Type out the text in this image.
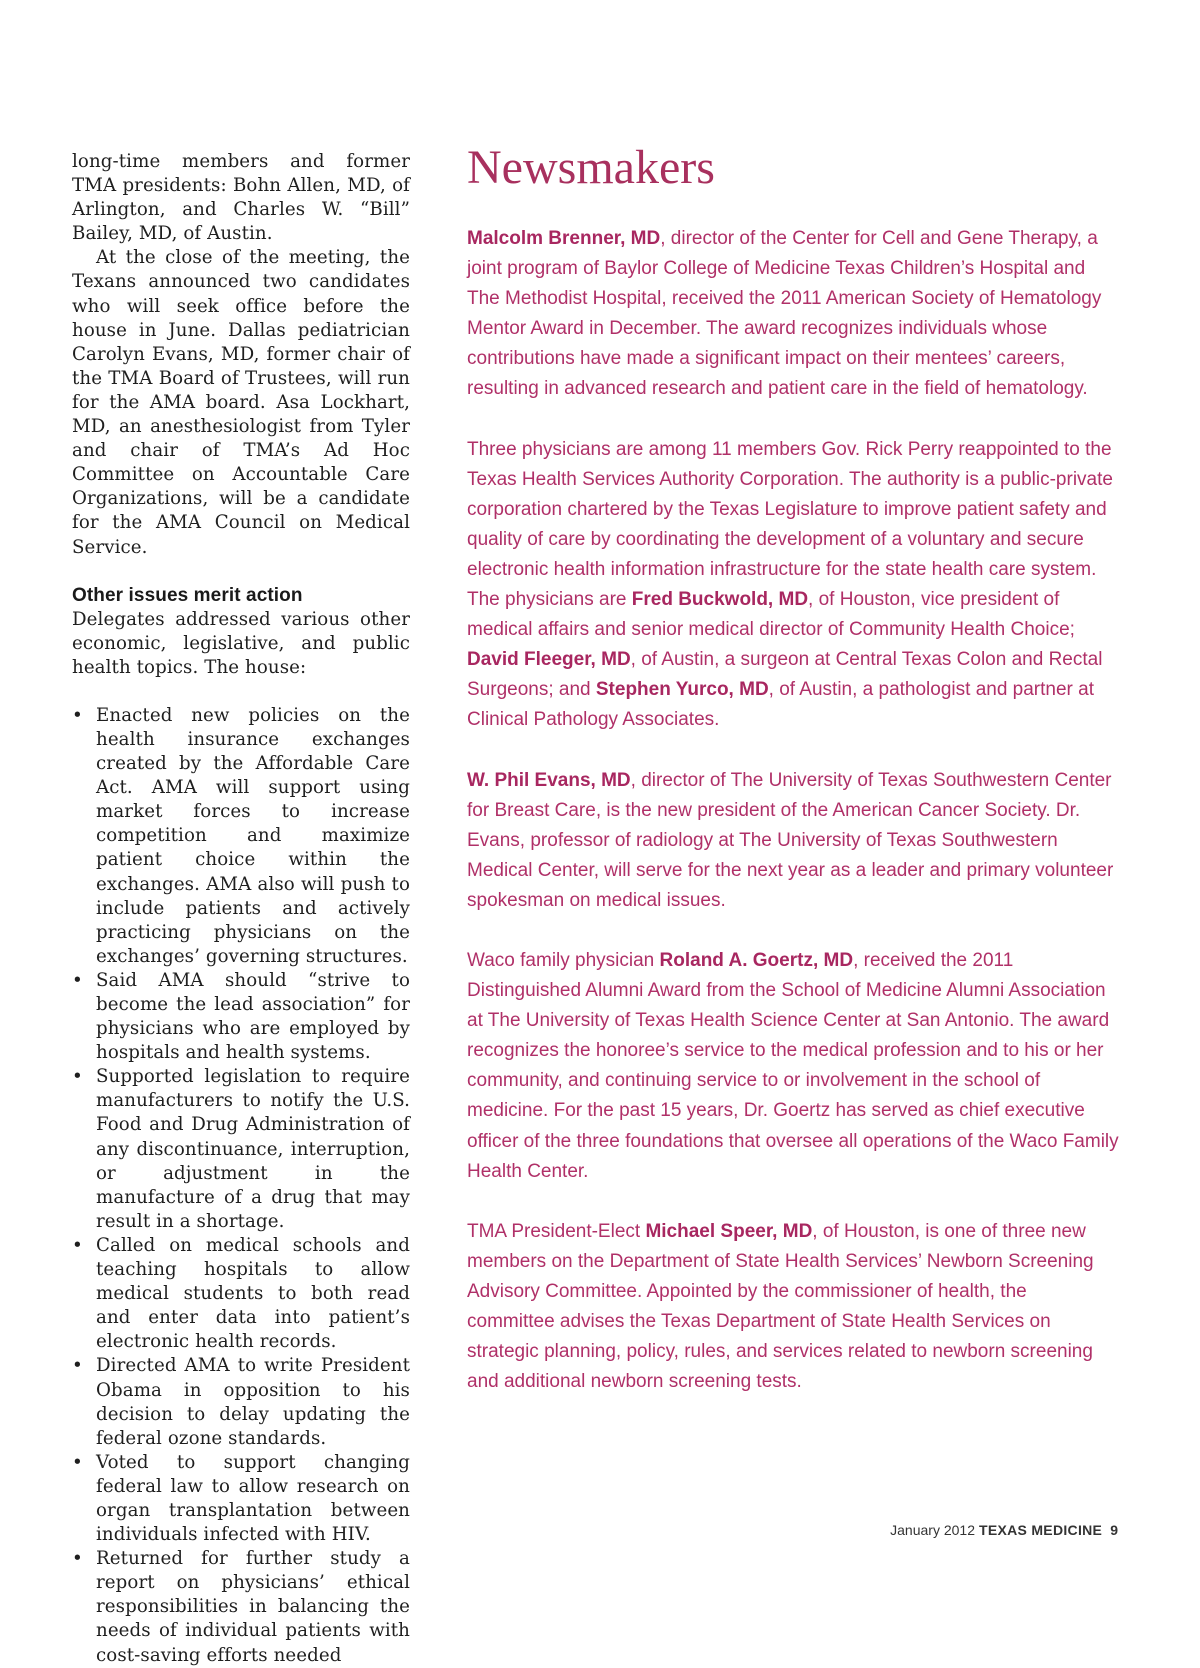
long-time members and former TMA presidents: Bohn Allen, MD, of Arlington, and Charles W. “Bill” Bailey, MD, of Austin.

At the close of the meeting, the Texans announced two candidates who will seek office before the house in June. Dallas pediatrician Carolyn Evans, MD, former chair of the TMA Board of Trustees, will run for the AMA board. Asa Lockhart, MD, an anesthesiologist from Tyler and chair of TMA’s Ad Hoc Committee on Accountable Care Organizations, will be a candidate for the AMA Council on Medical Service.

Other issues merit action

Delegates addressed various other economic, legislative, and public health topics. The house:

• Enacted new policies on the health insurance exchanges created by the Affordable Care Act. AMA will support using market forces to increase competition and maximize patient choice within the exchanges. AMA also will push to include patients and actively practicing physicians on the exchanges’ governing structures.
• Said AMA should “strive to become the lead association” for physicians who are employed by hospitals and health systems.
• Supported legislation to require manufacturers to notify the U.S. Food and Drug Administration of any discontinuance, interruption, or adjustment in the manufacture of a drug that may result in a shortage.
• Called on medical schools and teaching hospitals to allow medical students to both read and enter data into patient’s electronic health records.
• Directed AMA to write President Obama in opposition to his decision to delay updating the federal ozone standards.
• Voted to support changing federal law to allow research on organ transplantation between individuals infected with HIV.
• Returned for further study a report on physicians’ ethical responsibilities in balancing the needs of individual patients with cost-saving efforts needed
Newsmakers

Malcolm Brenner, MD, director of the Center for Cell and Gene Therapy, a joint program of Baylor College of Medicine Texas Children’s Hospital and The Methodist Hospital, received the 2011 American Society of Hematology Mentor Award in December. The award recognizes individuals whose contributions have made a significant impact on their mentees’ careers, resulting in advanced research and patient care in the field of hematology.

Three physicians are among 11 members Gov. Rick Perry reappointed to the Texas Health Services Authority Corporation. The authority is a public-private corporation chartered by the Texas Legislature to improve patient safety and quality of care by coordinating the development of a voluntary and secure electronic health information infrastructure for the state health care system. The physicians are Fred Buckwold, MD, of Houston, vice president of medical affairs and senior medical director of Community Health Choice; David Fleeger, MD, of Austin, a surgeon at Central Texas Colon and Rectal Surgeons; and Stephen Yurco, MD, of Austin, a pathologist and partner at Clinical Pathology Associates.

W. Phil Evans, MD, director of The University of Texas Southwestern Center for Breast Care, is the new president of the American Cancer Society. Dr. Evans, professor of radiology at The University of Texas Southwestern Medical Center, will serve for the next year as a leader and primary volunteer spokesman on medical issues.

Waco family physician Roland A. Goertz, MD, received the 2011 Distinguished Alumni Award from the School of Medicine Alumni Association at The University of Texas Health Science Center at San Antonio. The award recognizes the honoree’s service to the medical profession and to his or her community, and continuing service to or involvement in the school of medicine. For the past 15 years, Dr. Goertz has served as chief executive officer of the three foundations that oversee all operations of the Waco Family Health Center.

TMA President-Elect Michael Speer, MD, of Houston, is one of three new members on the Department of State Health Services’ Newborn Screening Advisory Committee. Appointed by the commissioner of health, the committee advises the Texas Department of State Health Services on strategic planning, policy, rules, and services related to newborn screening and additional newborn screening tests.

January 2012 TEXAS MEDICINE 9
